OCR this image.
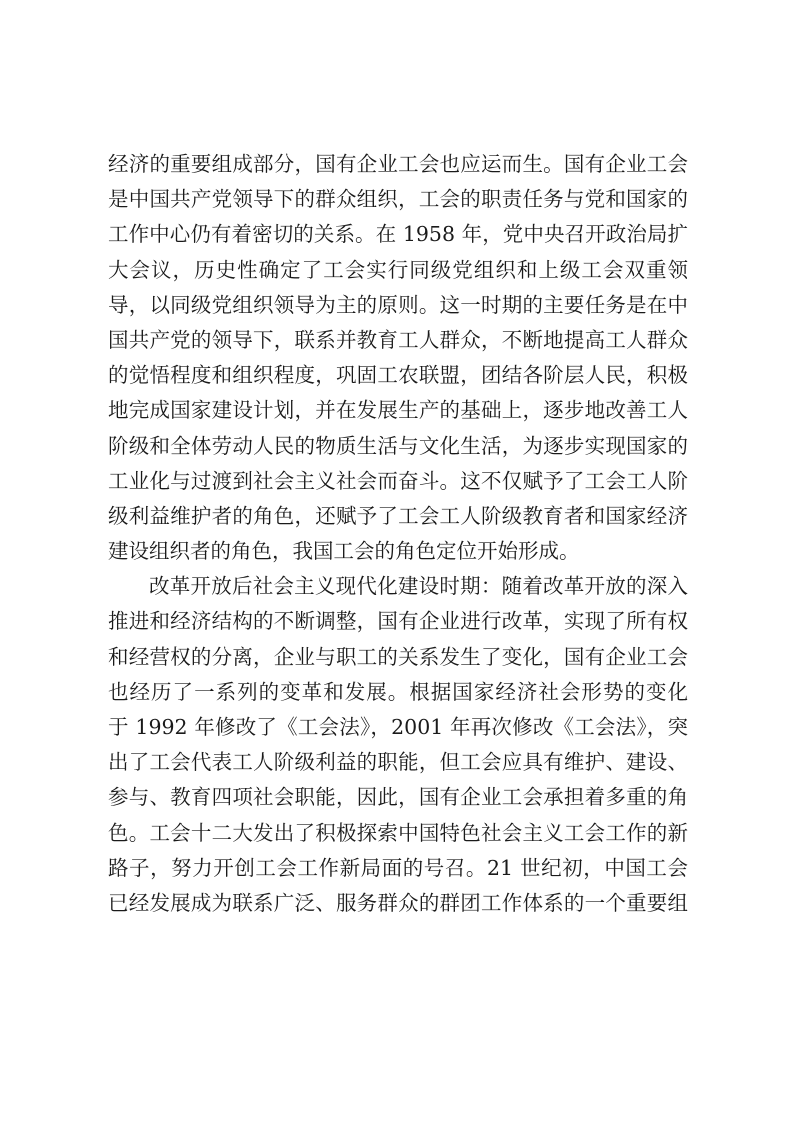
经济的重要组成部分，国有企业工会也应运而生。国有企业工会
是中国共产党领导下的群众组织，工会的职责任务与党和国家的
工作中心仍有着密切的关系。在 1958 年，党中央召开政治局扩
大会议，历史性确定了工会实行同级党组织和上级工会双重领
导，以同级党组织领导为主的原则。这一时期的主要任务是在中
国共产党的领导下，联系并教育工人群众，不断地提高工人群众
的觉悟程度和组织程度，巩固工农联盟，团结各阶层人民，积极
地完成国家建设计划，并在发展生产的基础上，逐步地改善工人
阶级和全体劳动人民的物质生活与文化生活，为逐步实现国家的
工业化与过渡到社会主义社会而奋斗。这不仅赋予了工会工人阶
级利益维护者的角色，还赋予了工会工人阶级教育者和国家经济
建设组织者的角色，我国工会的角色定位开始形成。
改革开放后社会主义现代化建设时期：随着改革开放的深入
推进和经济结构的不断调整，国有企业进行改革，实现了所有权
和经营权的分离，企业与职工的关系发生了变化，国有企业工会
也经历了一系列的变革和发展。根据国家经济社会形势的变化
于 1992 年修改了《工会法》，2001 年再次修改《工会法》，突
出了工会代表工人阶级利益的职能，但工会应具有维护、建设、
参与、教育四项社会职能，因此，国有企业工会承担着多重的角
色。工会十二大发出了积极探索中国特色社会主义工会工作的新
路子，努力开创工会工作新局面的号召。21 世纪初，中国工会
已经发展成为联系广泛、服务群众的群团工作体系的一个重要组
